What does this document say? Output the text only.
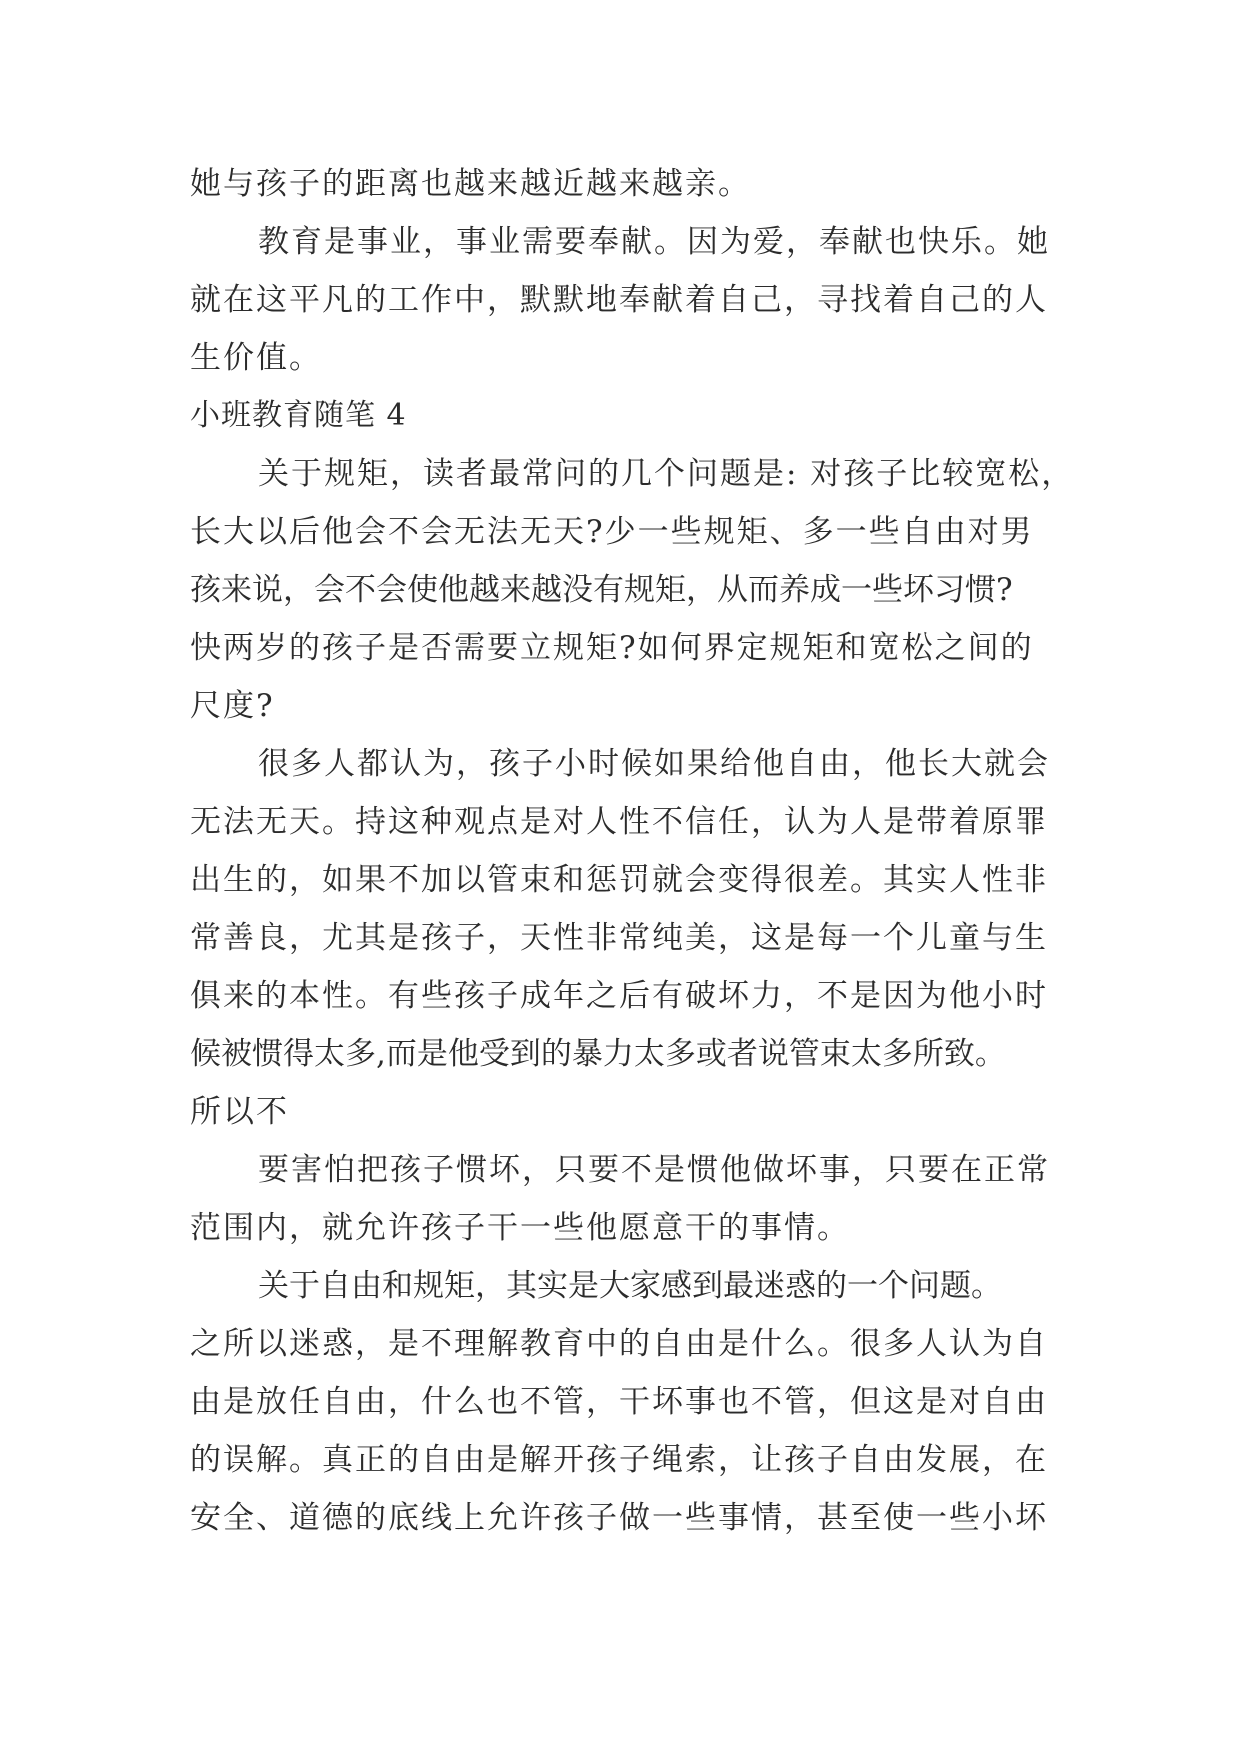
她与孩子的距离也越来越近越来越亲。
教育是事业，事业需要奉献。因为爱，奉献也快乐。她
就在这平凡的工作中，默默地奉献着自己，寻找着自己的人
生价值。
小班教育随笔 4
关于规矩，读者最常问的几个问题是: 对孩子比较宽松，
长大以后他会不会无法无天?少一些规矩、多一些自由对男
孩来说，会不会使他越来越没有规矩，从而养成一些坏习惯?
快两岁的孩子是否需要立规矩?如何界定规矩和宽松之间的
尺度?
很多人都认为，孩子小时候如果给他自由，他长大就会
无法无天。持这种观点是对人性不信任，认为人是带着原罪
出生的，如果不加以管束和惩罚就会变得很差。其实人性非
常善良，尤其是孩子，天性非常纯美，这是每一个儿童与生
俱来的本性。有些孩子成年之后有破坏力，不是因为他小时
候被惯得太多,而是他受到的暴力太多或者说管束太多所致。
所以不
要害怕把孩子惯坏，只要不是惯他做坏事，只要在正常
范围内，就允许孩子干一些他愿意干的事情。
关于自由和规矩，其实是大家感到最迷惑的一个问题。
之所以迷惑，是不理解教育中的自由是什么。很多人认为自
由是放任自由，什么也不管，干坏事也不管，但这是对自由
的误解。真正的自由是解开孩子绳索，让孩子自由发展，在
安全、道德的底线上允许孩子做一些事情，甚至使一些小坏
